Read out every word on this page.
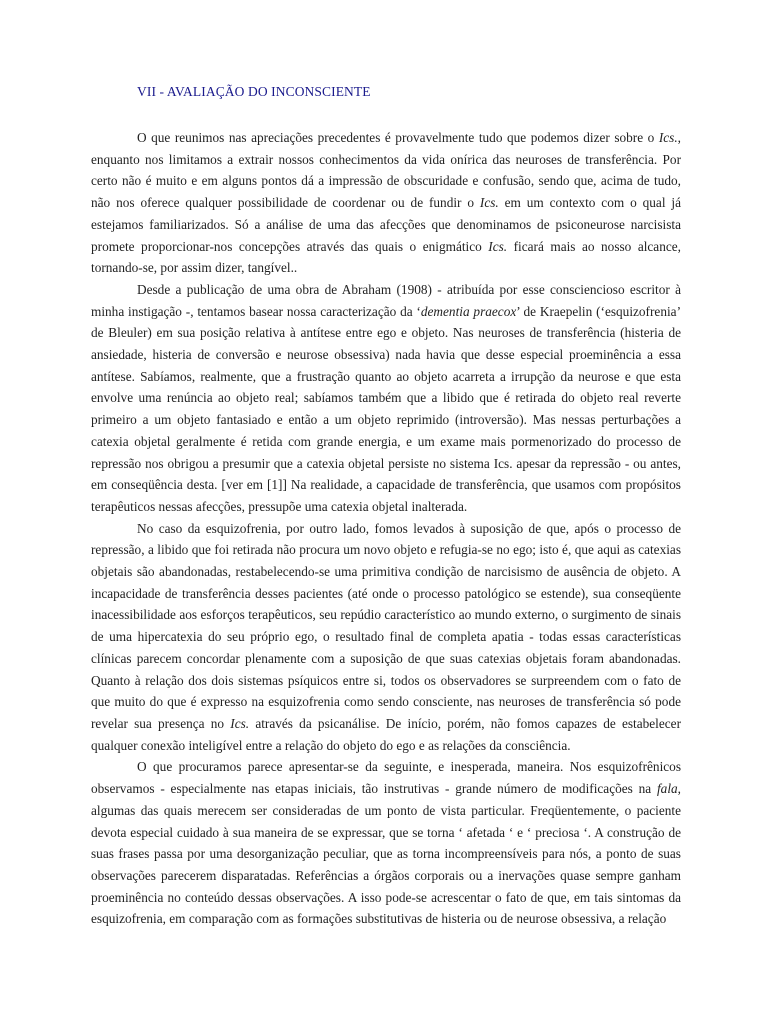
VII - AVALIAÇÃO DO INCONSCIENTE

O que reunimos nas apreciações precedentes é provavelmente tudo que podemos dizer sobre o Ics., enquanto nos limitamos a extrair nossos conhecimentos da vida onírica das neuroses de transferência. Por certo não é muito e em alguns pontos dá a impressão de obscuridade e confusão, sendo que, acima de tudo, não nos oferece qualquer possibilidade de coordenar ou de fundir o Ics. em um contexto com o qual já estejamos familiarizados. Só a análise de uma das afecções que denominamos de psiconeurose narcisista promete proporcionar-nos concepções através das quais o enigmático Ics. ficará mais ao nosso alcance, tornando-se, por assim dizer, tangível..

Desde a publicação de uma obra de Abraham (1908) - atribuída por esse consciencioso escritor à minha instigação -, tentamos basear nossa caracterização da ‘dementia praecox’ de Kraepelin (‘esquizofrenia’ de Bleuler) em sua posição relativa à antítese entre ego e objeto. Nas neuroses de transferência (histeria de ansiedade, histeria de conversão e neurose obsessiva) nada havia que desse especial proeminência a essa antítese. Sabíamos, realmente, que a frustração quanto ao objeto acarreta a irrupção da neurose e que esta envolve uma renúncia ao objeto real; sabíamos também que a libido que é retirada do objeto real reverte primeiro a um objeto fantasiado e então a um objeto reprimido (introversão). Mas nessas perturbações a catexia objetal geralmente é retida com grande energia, e um exame mais pormenorizado do processo de repressão nos obrigou a presumir que a catexia objetal persiste no sistema Ics. apesar da repressão - ou antes, em conseqüência desta. [ver em [1]] Na realidade, a capacidade de transferência, que usamos com propósitos terapêuticos nessas afecções, pressupõe uma catexia objetal inalterada.

No caso da esquizofrenia, por outro lado, fomos levados à suposição de que, após o processo de repressão, a libido que foi retirada não procura um novo objeto e refugia-se no ego; isto é, que aqui as catexias objetais são abandonadas, restabelecendo-se uma primitiva condição de narcisismo de ausência de objeto. A incapacidade de transferência desses pacientes (até onde o processo patológico se estende), sua conseqüente inacessibilidade aos esforços terapêuticos, seu repúdio característico ao mundo externo, o surgimento de sinais de uma hipercatexia do seu próprio ego, o resultado final de completa apatia - todas essas características clínicas parecem concordar plenamente com a suposição de que suas catexias objetais foram abandonadas. Quanto à relação dos dois sistemas psíquicos entre si, todos os observadores se surpreendem com o fato de que muito do que é expresso na esquizofrenia como sendo consciente, nas neuroses de transferência só pode revelar sua presença no Ics. através da psicanálise. De início, porém, não fomos capazes de estabelecer qualquer conexão inteligível entre a relação do objeto do ego e as relações da consciência.

O que procuramos parece apresentar-se da seguinte, e inesperada, maneira. Nos esquizofrênicos observamos - especialmente nas etapas iniciais, tão instrutivas - grande número de modificações na fala, algumas das quais merecem ser consideradas de um ponto de vista particular. Freqüentemente, o paciente devota especial cuidado à sua maneira de se expressar, que se torna ‘ afetada ‘ e ‘ preciosa ‘. A construção de suas frases passa por uma desorganização peculiar, que as torna incompreensíveis para nós, a ponto de suas observações parecerem disparatadas. Referências a órgãos corporais ou a inervações quase sempre ganham proeminência no conteúdo dessas observações. A isso pode-se acrescentar o fato de que, em tais sintomas da esquizofrenia, em comparação com as formações substitutivas de histeria ou de neurose obsessiva, a relação
